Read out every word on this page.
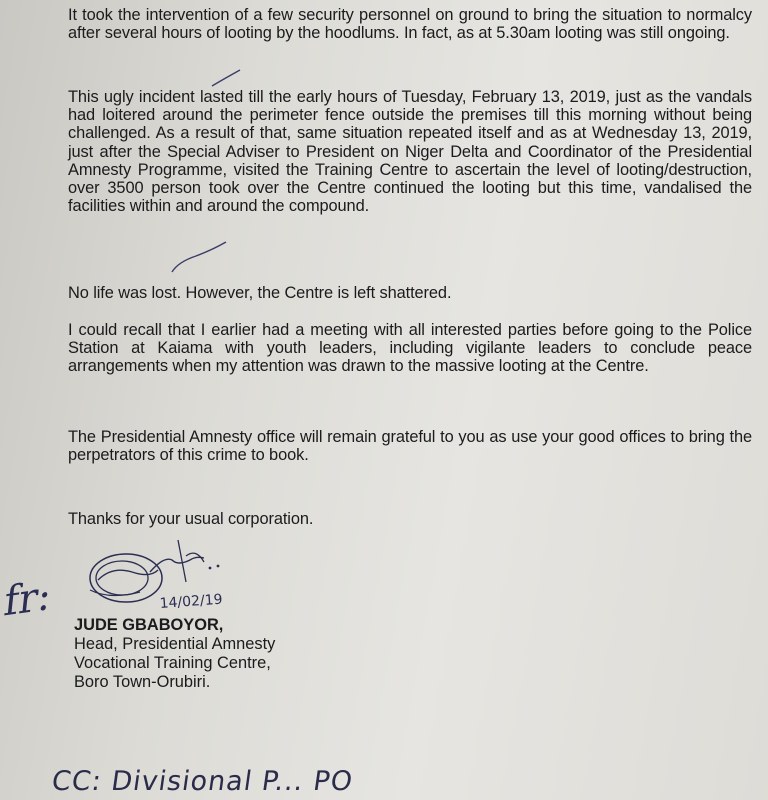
It took the intervention of a few security personnel on ground to bring the situation to normalcy after several hours of looting by the hoodlums. In fact, as at 5.30am looting was still ongoing.

This ugly incident lasted till the early hours of Tuesday, February 13, 2019, just as the vandals had loitered around the perimeter fence outside the premises till this morning without being challenged. As a result of that, same situation repeated itself and as at Wednesday 13, 2019, just after the Special Adviser to President on Niger Delta and Coordinator of the Presidential Amnesty Programme, visited the Training Centre to ascertain the level of looting/destruction, over 3500 person took over the Centre continued the looting but this time, vandalised the facilities within and around the compound.

No life was lost. However, the Centre is left shattered.

I could recall that I earlier had a meeting with all interested parties before going to the Police Station at Kaiama with youth leaders, including vigilante leaders to conclude peace arrangements when my attention was drawn to the massive looting at the Centre.

The Presidential Amnesty office will remain grateful to you as use your good offices to bring the perpetrators of this crime to book.

Thanks for your usual corporation.

14/02/19
fr: JUDE GBABOYOR,
Head, Presidential Amnesty
Vocational Training Centre,
Boro Town-Orubiri.
CC: Divisional P... PO
